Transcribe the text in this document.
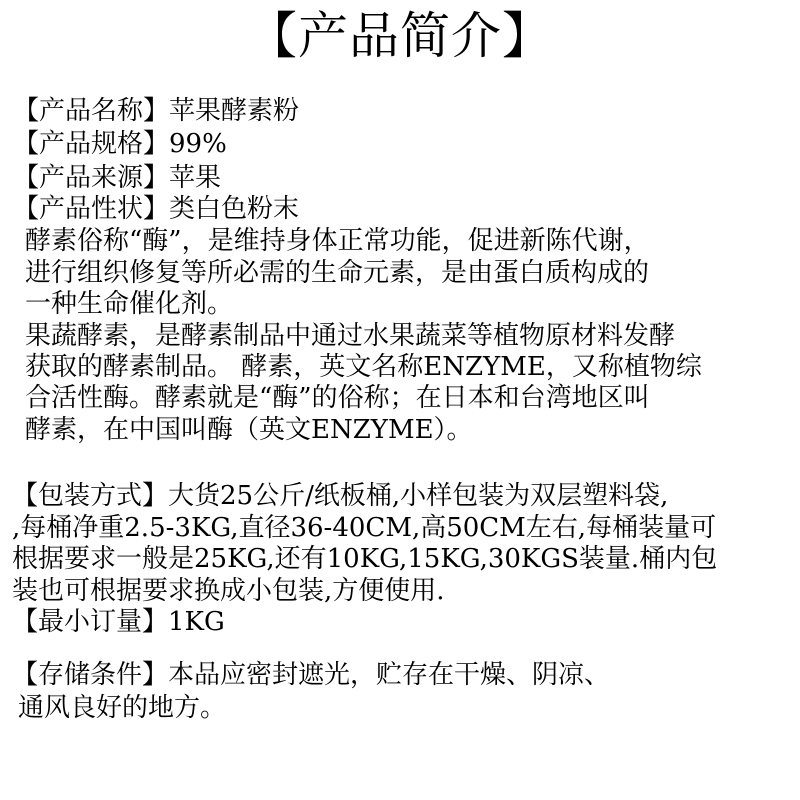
【产品简介】
【产品名称】苹果酵素粉
【产品规格】99%
【产品来源】苹果
【产品性状】类白色粉末
酵素俗称“酶”，是维持身体正常功能，促进新陈代谢，
进行组织修复等所必需的生命元素，是由蛋白质构成的
一种生命催化剂。
果蔬酵素，是酵素制品中通过水果蔬菜等植物原材料发酵
获取的酵素制品。 酵素，英文名称ENZYME，又称植物综
合活性酶。酵素就是“酶”的俗称；在日本和台湾地区叫
酵素，在中国叫酶（英文ENZYME）。
【包装方式】大货25公斤/纸板桶,小样包装为双层塑料袋,
,每桶净重2.5-3KG,直径36-40CM,高50CM左右,每桶装量可
根据要求一般是25KG,还有10KG,15KG,30KGS装量.桶内包
装也可根据要求换成小包装,方便使用.
【最小订量】1KG
【存储条件】本品应密封遮光，贮存在干燥、阴凉、
通风良好的地方。
